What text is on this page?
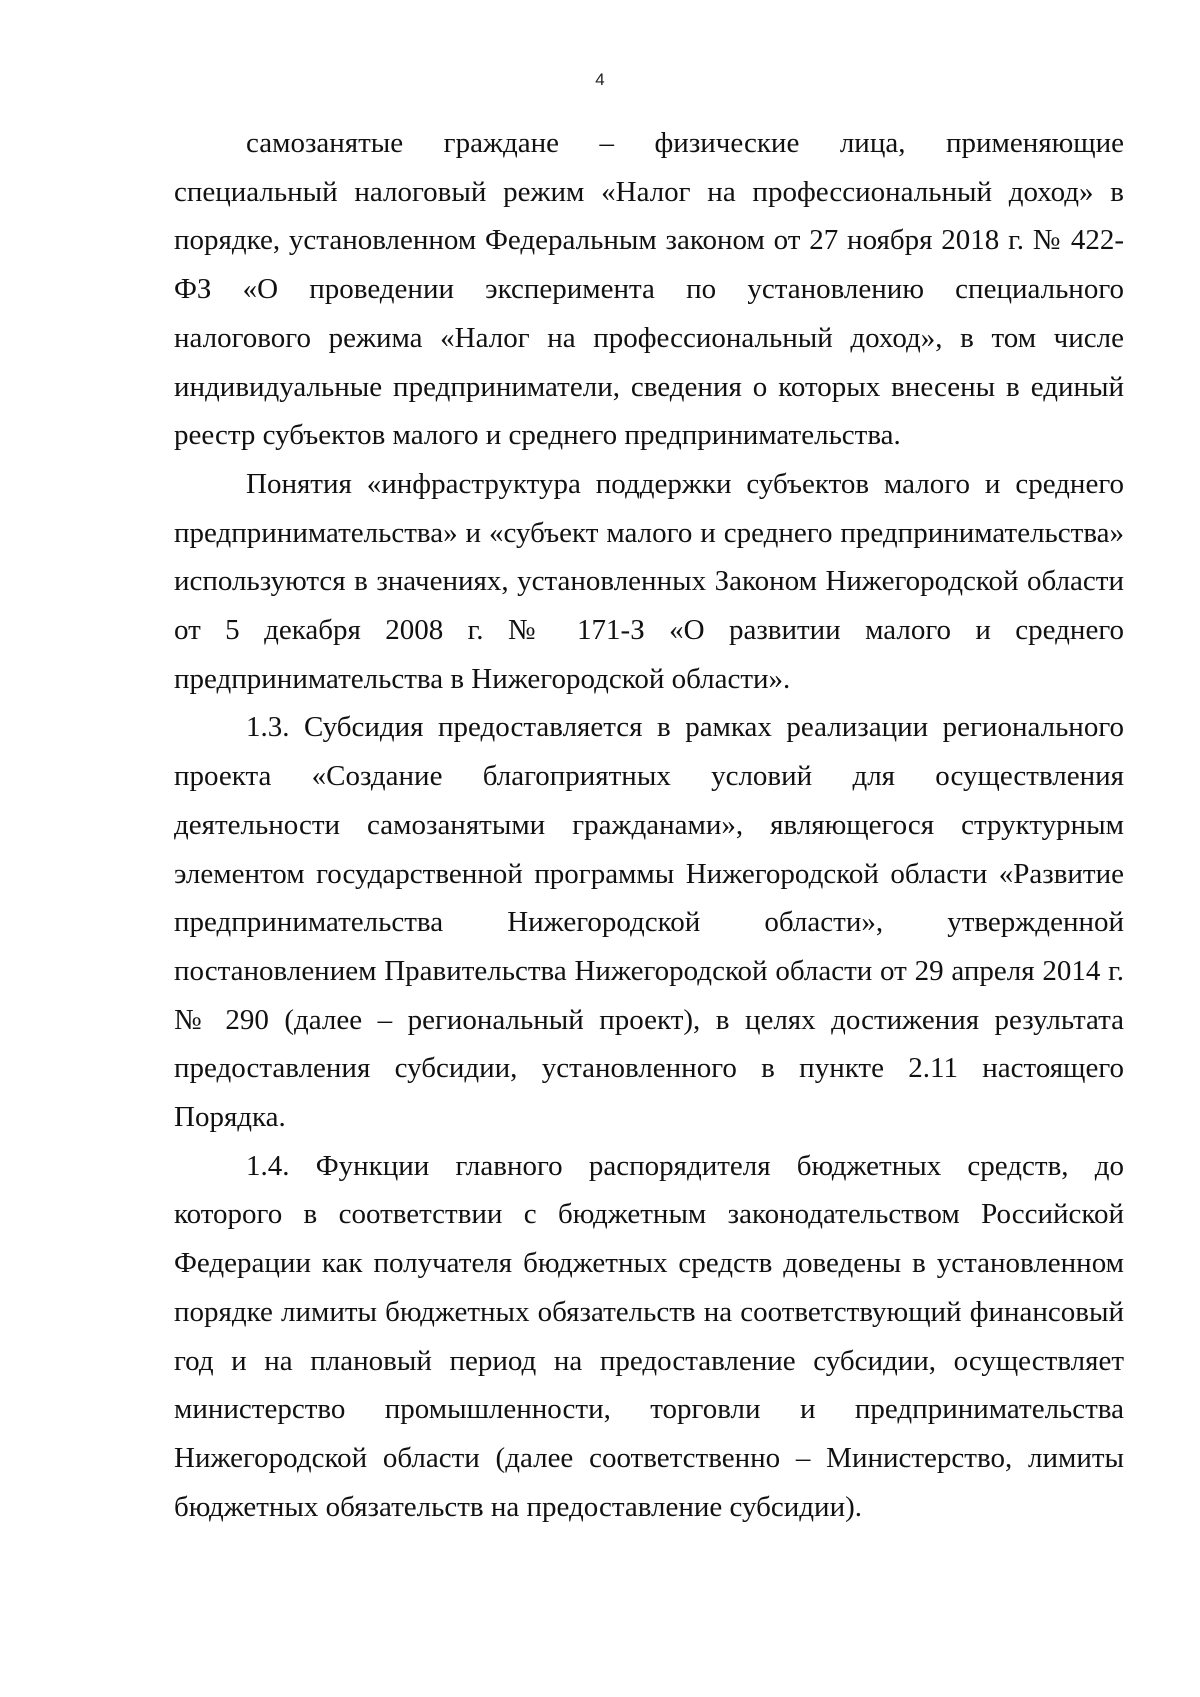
4

самозанятые граждане – физические лица, применяющие специальный налоговый режим «Налог на профессиональный доход» в порядке, установленном Федеральным законом от 27 ноября 2018 г. № 422-ФЗ «О проведении эксперимента по установлению специального налогового режима «Налог на профессиональный доход», в том числе индивидуальные предприниматели, сведения о которых внесены в единый реестр субъектов малого и среднего предпринимательства.

Понятия «инфраструктура поддержки субъектов малого и среднего предпринимательства» и «субъект малого и среднего предпринимательства» используются в значениях, установленных Законом Нижегородской области от 5 декабря 2008 г. № 171-З «О развитии малого и среднего предпринимательства в Нижегородской области».

1.3. Субсидия предоставляется в рамках реализации регионального проекта «Создание благоприятных условий для осуществления деятельности самозанятыми гражданами», являющегося структурным элементом государственной программы Нижегородской области «Развитие предпринимательства Нижегородской области», утвержденной постановлением Правительства Нижегородской области от 29 апреля 2014 г. № 290 (далее – региональный проект), в целях достижения результата предоставления субсидии, установленного в пункте 2.11 настоящего Порядка.

1.4. Функции главного распорядителя бюджетных средств, до которого в соответствии с бюджетным законодательством Российской Федерации как получателя бюджетных средств доведены в установленном порядке лимиты бюджетных обязательств на соответствующий финансовый год и на плановый период на предоставление субсидии, осуществляет министерство промышленности, торговли и предпринимательства Нижегородской области (далее соответственно – Министерство, лимиты бюджетных обязательств на предоставление субсидии).
